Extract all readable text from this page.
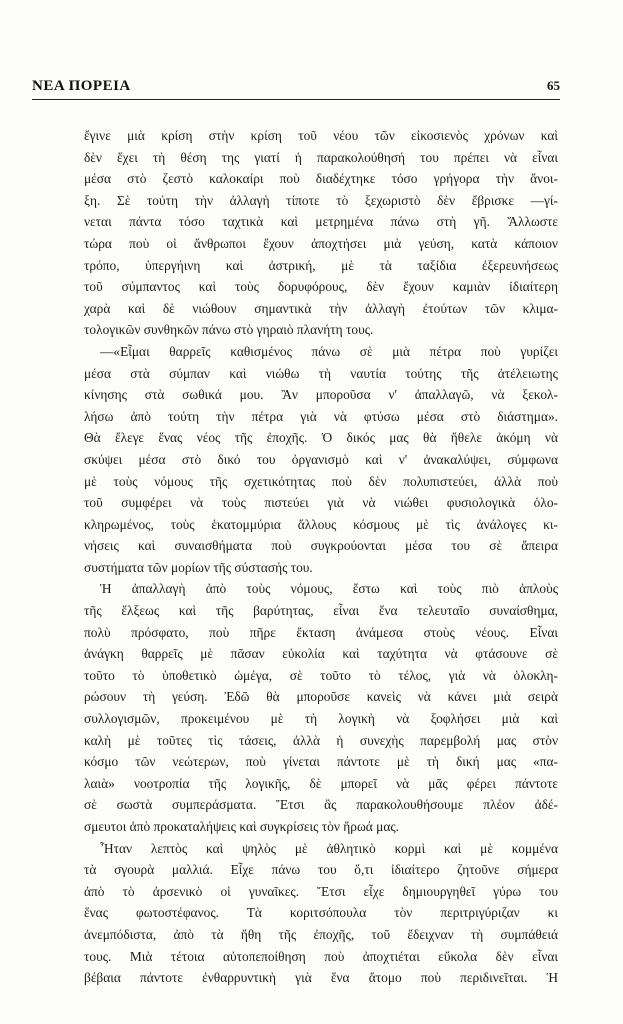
ΝΕΑ ΠΟΡΕΙΑ	65
ἔγινε μιὰ κρίση στὴν κρίση τοῦ νέου τῶν εἰκοσιενὸς χρόνων καὶ
δὲν ἔχει τὴ θέση της γιατί ἡ παρακολούθησή του πρέπει νὰ εἶναι
μέσα στὸ ζεστὸ καλοκαίρι ποὺ διαδέχτηκε τόσο γρήγορα τὴν ἄνοι-
ξη. Σὲ τούτη τὴν ἀλλαγὴ τίποτε τὸ ξεχωριστὸ δὲν ἔβρισκε —γί-
νεται πάντα τόσο ταχτικὰ καὶ μετρημένα πάνω στὴ γῆ. Ἄλλωστε
τώρα ποὺ οἱ ἄνθρωποι ἔχουν ἀποχτήσει μιὰ γεύση, κατὰ κάποιον
τρόπο, ὑπεργήινη καὶ ἀστρική, μὲ τὰ ταξίδια ἐξερευνήσεως
τοῦ σύμπαντος καὶ τοὺς δορυφόρους, δὲν ἔχουν καμιὰν ἰδιαίτερη
χαρὰ καὶ δὲ νιώθουν σημαντικὰ τὴν ἀλλαγὴ ἐτούτων τῶν κλιμα-
τολογικῶν συνθηκῶν πάνω στὸ γηραιὸ πλανήτη τους.
—«Εἶμαι θαρρεῖς καθισμένος πάνω σὲ μιὰ πέτρα ποὺ γυρίζει
μέσα στὰ σύμπαν καὶ νιώθω τὴ ναυτία τούτης τῆς ἀτέλειωτης
κίνησης στὰ σωθικά μου. Ἂν μποροῦσα ν' ἀπαλλαγῶ, νὰ ξεκολ-
λήσω ἀπὸ τούτη τὴν πέτρα γιὰ νὰ φτύσω μέσα στὸ διάστημα».
Θὰ ἔλεγε ἕνας νέος τῆς ἐποχῆς. Ὁ δικός μας θὰ ἤθελε ἀκόμη νὰ
σκύψει μέσα στὸ δικό του ὀργανισμὸ καὶ ν' ἀνακαλύψει, σύμφωνα
μὲ τοὺς νόμους τῆς σχετικότητας ποὺ δὲν πολυπιστεύει, ἀλλὰ ποὺ
τοῦ συμφέρει νὰ τοὺς πιστεύει γιὰ νὰ νιώθει φυσιολογικὰ ὁλο-
κληρωμένος, τοὺς ἑκατομμύρια ἄλλους κόσμους μὲ τὶς ἀνάλογες κι-
νήσεις καὶ συναισθήματα ποὺ συγκρούονται μέσα του σὲ ἄπειρα
συστήματα τῶν μορίων τῆς σύστασής του.
Ἡ ἀπαλλαγὴ ἀπὸ τοὺς νόμους, ἔστω καὶ τοὺς πιὸ ἁπλοὺς
τῆς ἕλξεως καὶ τῆς βαρύτητας, εἶναι ἕνα τελευταῖο συναίσθημα,
πολὺ πρόσφατο, ποὺ πῆρε ἔκταση ἀνάμεσα στοὺς νέους. Εἶναι
ἀνάγκη θαρρεῖς μὲ πᾶσαν εὐκολία καὶ ταχύτητα νὰ φτάσουνε σὲ
τοῦτο τὸ ὑποθετικὸ ὠμέγα, σὲ τοῦτο τὸ τέλος, γιὰ νὰ ὁλοκλη-
ρώσουν τὴ γεύση. Ἐδῶ θὰ μποροῦσε κανεὶς νὰ κάνει μιὰ σειρὰ
συλλογισμῶν, προκειμένου μὲ τὴ λογικὴ νὰ ξοφλήσει μιὰ καὶ
καλὴ μὲ τοῦτες τὶς τάσεις, ἀλλὰ ἡ συνεχὴς παρεμβολή μας στὸν
κόσμο τῶν νεώτερων, ποὺ γίνεται πάντοτε μὲ τὴ δική μας «πα-
λαιὰ» νοοτροπία τῆς λογικῆς, δὲ μπορεῖ νὰ μᾶς φέρει πάντοτε
σὲ σωστὰ συμπεράσματα. Ἔτσι ἂς παρακολουθήσουμε πλέον ἀδέ-
σμευτοι ἀπὸ προκαταλήψεις καὶ συγκρίσεις τὸν ἥρωά μας.
Ἦταν λεπτὸς καὶ ψηλὸς μὲ ἀθλητικὸ κορμὶ καὶ μὲ κομμένα
τὰ σγουρὰ μαλλιά. Εἶχε πάνω του ὅ,τι ἰδιαίτερο ζητοῦνε σήμερα
ἀπὸ τὸ ἀρσενικὸ οἱ γυναῖκες. Ἔτσι εἶχε δημιουργηθεῖ γύρω του
ἕνας φωτοστέφανος. Τὰ κοριτσόπουλα τὸν περιτριγύριζαν κι
ἀνεμπόδιστα, ἀπὸ τὰ ἤθη τῆς ἐποχῆς, τοῦ ἔδειχναν τὴ συμπάθειά
τους. Μιὰ τέτοια αὐτοπεποίθηση ποὺ ἀποχτιέται εὔκολα δὲν εἶναι
βέβαια πάντοτε ἐνθαρρυντικὴ γιὰ ἕνα ἄτομο ποὺ περιδινεῖται. Ἡ
